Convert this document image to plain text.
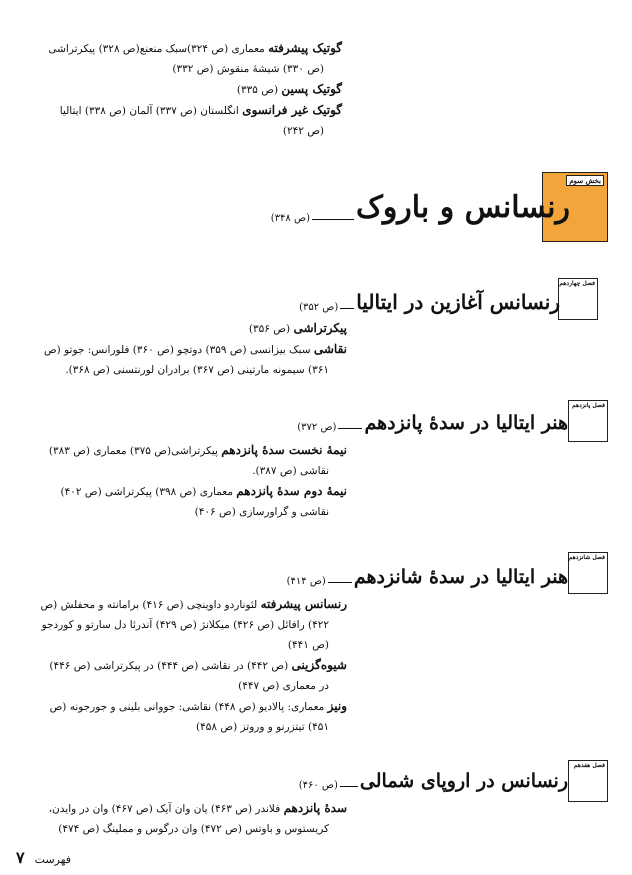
گوتیک پیشرفته معماری (ص ۳۲۴)سبک منعنع(ص ۳۲۸) پیکرتراشی

(ص ۳۳۰) شیشهٔ منقوش (ص ۳۳۲)

گوتیک پسین (ص ۳۳۵)

گوتیک غیر فرانسوی انگلستان (ص ۳۳۷) آلمان (ص ۳۳۸) ایتالیا

(ص ۲۴۲)

بخش سوم
رنسانس و باروک
(ص ۳۴۸)
فصل چهاردهم
رنسانس آغازین در ایتالیا
(ص ۳۵۲)

پیکرتراشی (ص ۳۵۶)

نقاشی سبک بیزانسی (ص ۳۵۹) دوتچو (ص ۳۶۰) فلورانس: جوتو (ص

۳۶۱) سیمونه مارتینی (ص ۳۶۷) برادران لورنتسنی (ص ۳۶۸).

فصل پانزدهم
هنر ایتالیا در سدهٔ پانزدهم
(ص ۳۷۲)

نیمهٔ نخست سدهٔ پانزدهم پیکرتراشی(ص ۳۷۵) معماری (ص ۳۸۳)

نقاشی (ص ۳۸۷).

نیمهٔ دوم سدهٔ پانزدهم معماری (ص ۳۹۸) پیکرتراشی (ص ۴۰۲)

نقاشی و گراورسازی (ص ۴۰۶)

فصل شانزدهم
هنر ایتالیا در سدهٔ شانزدهم
(ص ۴۱۴)

رنسانس پیشرفته لئوناردو داوینچی (ص ۴۱۶) برامانته و محفلش (ص

۴۲۲) رافائل (ص ۴۲۶) میکلانژ (ص ۴۲۹) آندرئا دل سارتو و کوردجو

(ص ۴۴۱)

شیوه‌گزینی (ص ۴۴۲) در نقاشی (ص ۴۴۴) در پیکرتراشی (ص ۴۴۶)

در معماری (ص ۴۴۷)

ونیز معماری: پالادیو (ص ۴۴۸) نقاشی: جووانی بلینی و جورجونه (ص

۴۵۱) تیتزرنو و وروتز (ص ۴۵۸)

فصل هفدهم
رنسانس در اروپای شمالی
(ص ۴۶۰)

سدهٔ پانزدهم فلاندر (ص ۴۶۳) یان وان آیک (ص ۴۶۷) وان در وایدن،

کریستوس و باوتس (ص ۴۷۲) وان درگوس و مملینگ (ص ۴۷۴)

فهرست
۷
